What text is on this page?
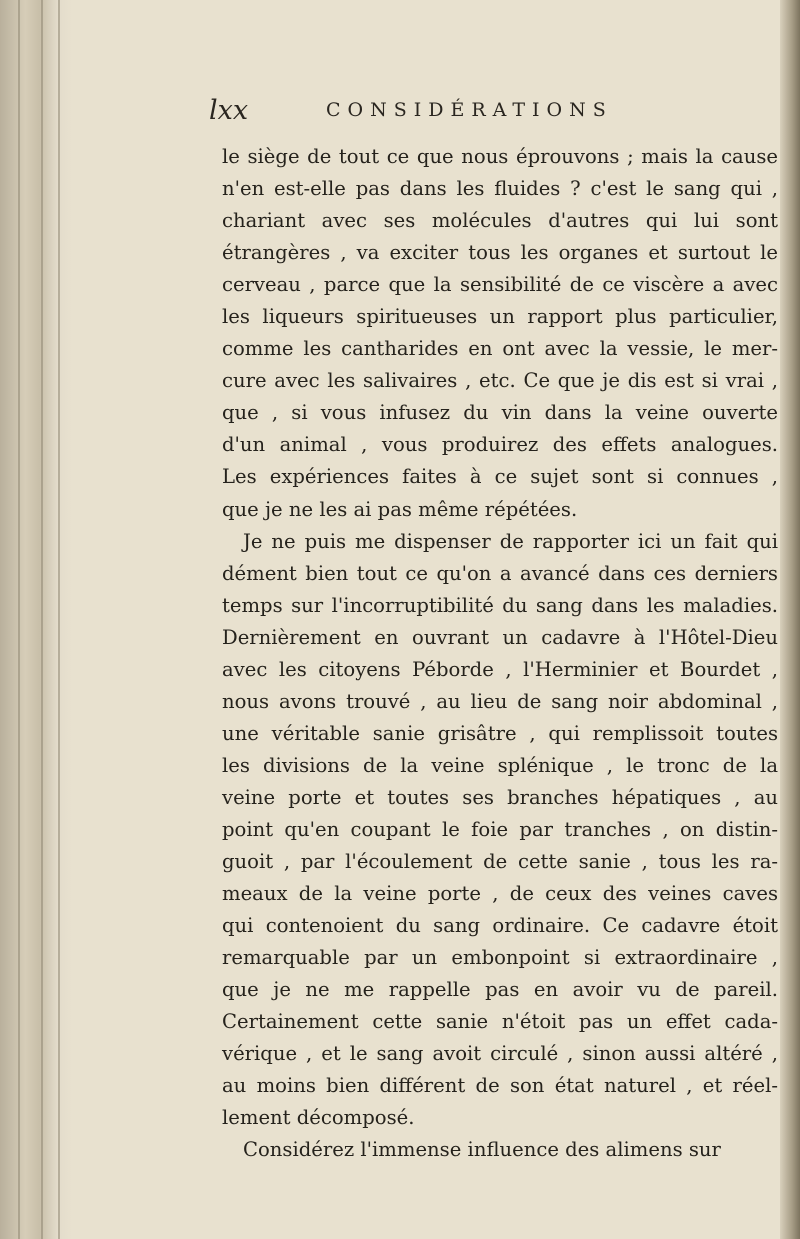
lxx	CONSIDÉRATIONS
le siège de tout ce que nous éprouvons ; mais la cause
n'en est-elle pas dans les fluides ? c'est le sang qui ,
chariant avec ses molécules d'autres qui lui sont
étrangères , va exciter tous les organes et surtout le
cerveau , parce que la sensibilité de ce viscère a avec
les liqueurs spiritueuses un rapport plus particulier,
comme les cantharides en ont avec la vessie, le mer-
cure avec les salivaires , etc. Ce que je dis est si vrai ,
que , si vous infusez du vin dans la veine ouverte
d'un animal , vous produirez des effets analogues.
Les expériences faites à ce sujet sont si connues ,
que je ne les ai pas même répétées.
Je ne puis me dispenser de rapporter ici un fait qui
dément bien tout ce qu'on a avancé dans ces derniers
temps sur l'incorruptibilité du sang dans les maladies.
Dernièrement en ouvrant un cadavre à l'Hôtel-Dieu
avec les citoyens Péborde , l'Herminier et Bourdet ,
nous avons trouvé , au lieu de sang noir abdominal ,
une véritable sanie grisâtre , qui remplissoit toutes
les divisions de la veine splénique , le tronc de la
veine porte et toutes ses branches hépatiques , au
point qu'en coupant le foie par tranches , on distin-
guoit , par l'écoulement de cette sanie , tous les ra-
meaux de la veine porte , de ceux des veines caves
qui contenoient du sang ordinaire. Ce cadavre étoit
remarquable par un embonpoint si extraordinaire ,
que je ne me rappelle pas en avoir vu de pareil.
Certainement cette sanie n'étoit pas un effet cada-
vérique , et le sang avoit circulé , sinon aussi altéré ,
au moins bien différent de son état naturel , et réel-
lement décomposé.
Considérez l'immense influence des alimens sur
